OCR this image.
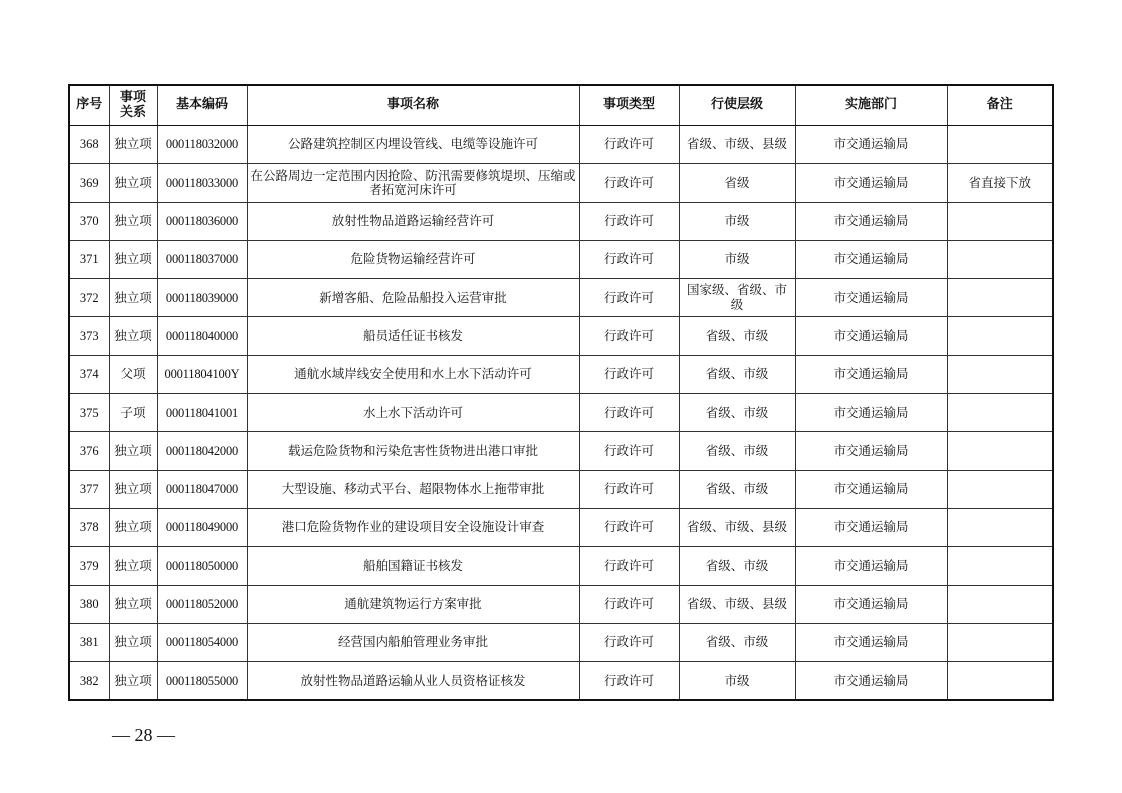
序号	事项关系	基本编码	事项名称	事项类型	行使层级	实施部门	备注
368	独立项	000118032000	公路建筑控制区内埋设管线、电缆等设施许可	行政许可	省级、市级、县级	市交通运输局	
369	独立项	000118033000	在公路周边一定范围内因抢险、防汛需要修筑堤坝、压缩或者拓宽河床许可	行政许可	省级	市交通运输局	省直接下放
370	独立项	000118036000	放射性物品道路运输经营许可	行政许可	市级	市交通运输局	
371	独立项	000118037000	危险货物运输经营许可	行政许可	市级	市交通运输局	
372	独立项	000118039000	新增客船、危险品船投入运营审批	行政许可	国家级、省级、市级	市交通运输局	
373	独立项	000118040000	船员适任证书核发	行政许可	省级、市级	市交通运输局	
374	父项	00011804100Y	通航水域岸线安全使用和水上水下活动许可	行政许可	省级、市级	市交通运输局	
375	子项	000118041001	水上水下活动许可	行政许可	省级、市级	市交通运输局	
376	独立项	000118042000	载运危险货物和污染危害性货物进出港口审批	行政许可	省级、市级	市交通运输局	
377	独立项	000118047000	大型设施、移动式平台、超限物体水上拖带审批	行政许可	省级、市级	市交通运输局	
378	独立项	000118049000	港口危险货物作业的建设项目安全设施设计审查	行政许可	省级、市级、县级	市交通运输局	
379	独立项	000118050000	船舶国籍证书核发	行政许可	省级、市级	市交通运输局	
380	独立项	000118052000	通航建筑物运行方案审批	行政许可	省级、市级、县级	市交通运输局	
381	独立项	000118054000	经营国内船舶管理业务审批	行政许可	省级、市级	市交通运输局	
382	独立项	000118055000	放射性物品道路运输从业人员资格证核发	行政许可	市级	市交通运输局	
— 28 —
